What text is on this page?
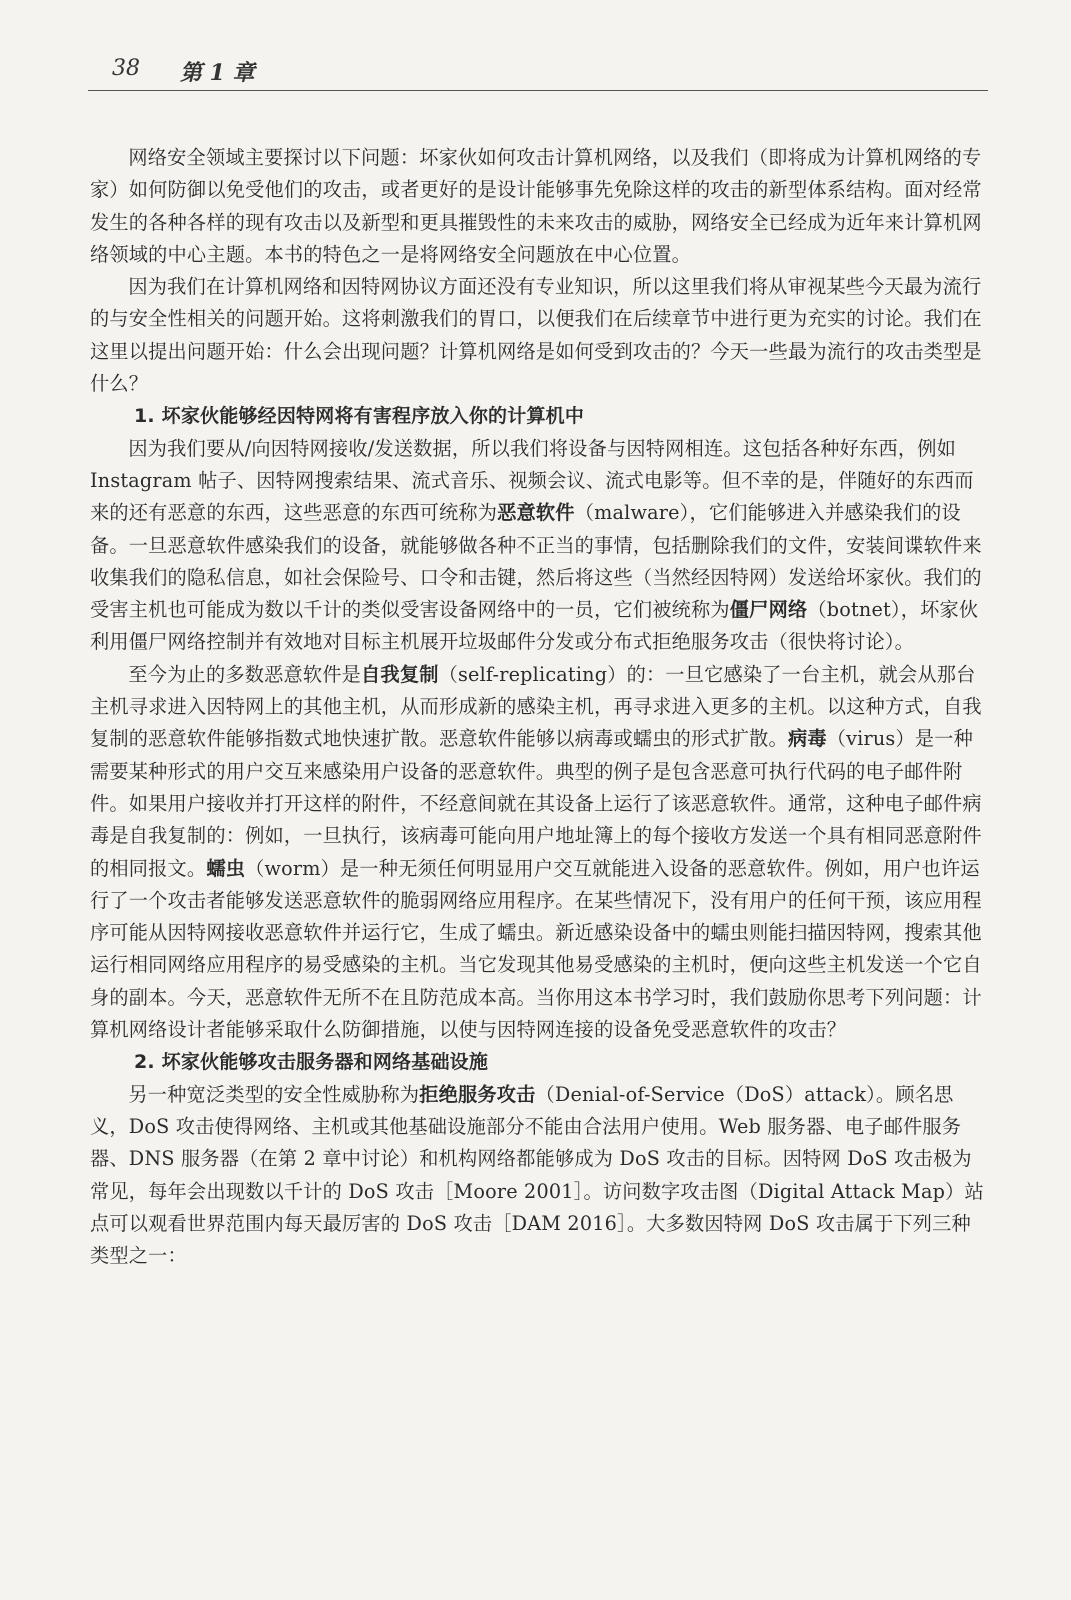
38 第 1 章

网络安全领域主要探讨以下问题：坏家伙如何攻击计算机网络，以及我们（即将成为计算机网络的专家）如何防御以免受他们的攻击，或者更好的是设计能够事先免除这样的攻击的新型体系结构。面对经常发生的各种各样的现有攻击以及新型和更具摧毁性的未来攻击的威胁，网络安全已经成为近年来计算机网络领域的中心主题。本书的特色之一是将网络安全问题放在中心位置。

因为我们在计算机网络和因特网协议方面还没有专业知识，所以这里我们将从审视某些今天最为流行的与安全性相关的问题开始。这将刺激我们的胃口，以便我们在后续章节中进行更为充实的讨论。我们在这里以提出问题开始：什么会出现问题？计算机网络是如何受到攻击的？今天一些最为流行的攻击类型是什么？

1. 坏家伙能够经因特网将有害程序放入你的计算机中

因为我们要从/向因特网接收/发送数据，所以我们将设备与因特网相连。这包括各种好东西，例如 Instagram 帖子、因特网搜索结果、流式音乐、视频会议、流式电影等。但不幸的是，伴随好的东西而来的还有恶意的东西，这些恶意的东西可统称为恶意软件（malware），它们能够进入并感染我们的设备。一旦恶意软件感染我们的设备，就能够做各种不正当的事情，包括删除我们的文件，安装间谍软件来收集我们的隐私信息，如社会保险号、口令和击键，然后将这些（当然经因特网）发送给坏家伙。我们的受害主机也可能成为数以千计的类似受害设备网络中的一员，它们被统称为僵尸网络（botnet），坏家伙利用僵尸网络控制并有效地对目标主机展开垃圾邮件分发或分布式拒绝服务攻击（很快将讨论）。

至今为止的多数恶意软件是自我复制（self-replicating）的：一旦它感染了一台主机，就会从那台主机寻求进入因特网上的其他主机，从而形成新的感染主机，再寻求进入更多的主机。以这种方式，自我复制的恶意软件能够指数式地快速扩散。恶意软件能够以病毒或蠕虫的形式扩散。病毒（virus）是一种需要某种形式的用户交互来感染用户设备的恶意软件。典型的例子是包含恶意可执行代码的电子邮件附件。如果用户接收并打开这样的附件，不经意间就在其设备上运行了该恶意软件。通常，这种电子邮件病毒是自我复制的：例如，一旦执行，该病毒可能向用户地址簿上的每个接收方发送一个具有相同恶意附件的相同报文。蠕虫（worm）是一种无须任何明显用户交互就能进入设备的恶意软件。例如，用户也许运行了一个攻击者能够发送恶意软件的脆弱网络应用程序。在某些情况下，没有用户的任何干预，该应用程序可能从因特网接收恶意软件并运行它，生成了蠕虫。新近感染设备中的蠕虫则能扫描因特网，搜索其他运行相同网络应用程序的易受感染的主机。当它发现其他易受感染的主机时，便向这些主机发送一个它自身的副本。今天，恶意软件无所不在且防范成本高。当你用这本书学习时，我们鼓励你思考下列问题：计算机网络设计者能够采取什么防御措施，以使与因特网连接的设备免受恶意软件的攻击？

2. 坏家伙能够攻击服务器和网络基础设施

另一种宽泛类型的安全性威胁称为拒绝服务攻击（Denial-of-Service（DoS）attack）。顾名思义，DoS 攻击使得网络、主机或其他基础设施部分不能由合法用户使用。Web 服务器、电子邮件服务器、DNS 服务器（在第 2 章中讨论）和机构网络都能够成为 DoS 攻击的目标。因特网 DoS 攻击极为常见，每年会出现数以千计的 DoS 攻击［Moore 2001］。访问数字攻击图（Digital Attack Map）站点可以观看世界范围内每天最厉害的 DoS 攻击［DAM 2016］。大多数因特网 DoS 攻击属于下列三种类型之一：
